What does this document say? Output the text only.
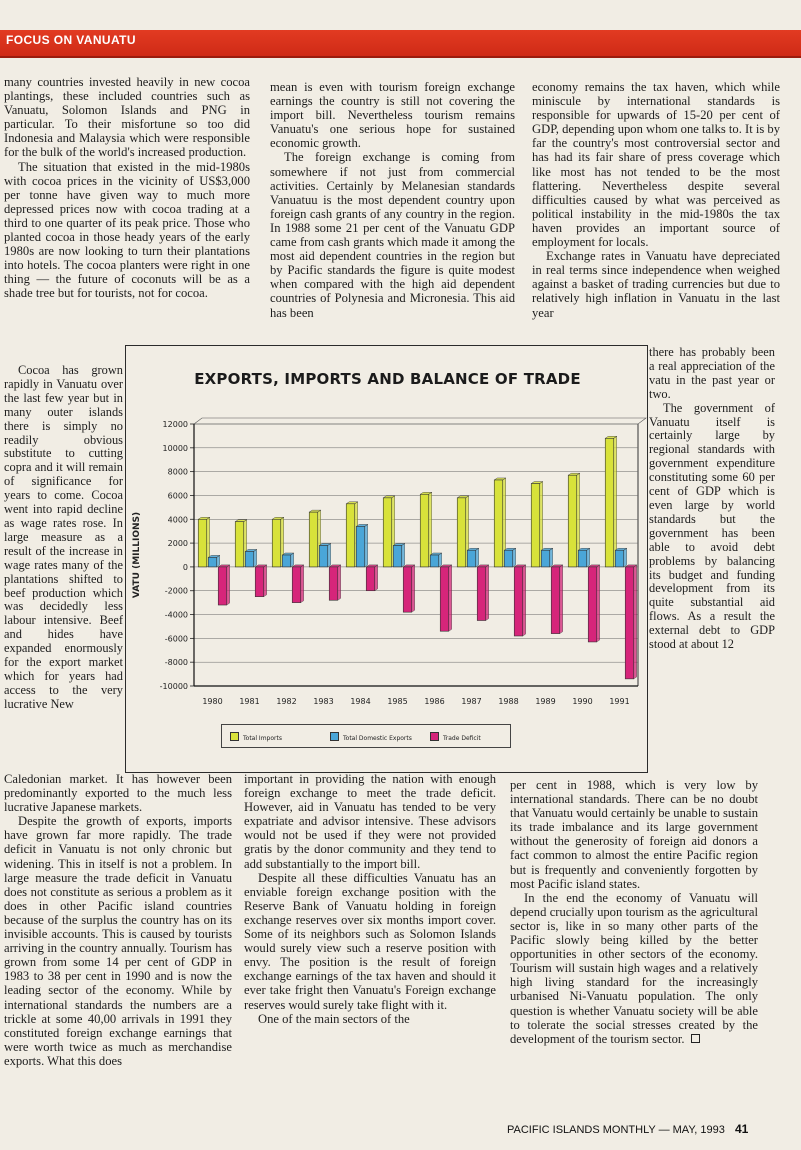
FOCUS ON VANUATU

many countries invested heavily in new cocoa plantings, these included countries such as Vanuatu, Solomon Islands and PNG in particular. To their misfortune so too did Indonesia and Malaysia which were responsible for the bulk of the world's increased production.

The situation that existed in the mid-1980s with cocoa prices in the vicinity of US$3,000 per tonne have given way to much more depressed prices now with cocoa trading at a third to one quarter of its peak price. Those who planted cocoa in those heady years of the early 1980s are now looking to turn their plantations into hotels. The cocoa planters were right in one thing — the future of coconuts will be as a shade tree but for tourists, not for cocoa.

mean is even with tourism foreign exchange earnings the country is still not covering the import bill. Nevertheless tourism remains Vanuatu's one serious hope for sustained economic growth.

The foreign exchange is coming from somewhere if not just from commercial activities. Certainly by Melanesian standards Vanuatuu is the most dependent country upon foreign cash grants of any country in the region. In 1988 some 21 per cent of the Vanuatu GDP came from cash grants which made it among the most aid dependent countries in the region but by Pacific standards the figure is quite modest when compared with the high aid dependent countries of Polynesia and Micronesia. This aid has been

economy remains the tax haven, which while miniscule by international standards is responsible for upwards of 15-20 per cent of GDP, depending upon whom one talks to. It is by far the country's most controversial sector and has had its fair share of press coverage which like most has not tended to be the most flattering. Nevertheless despite several difficulties caused by what was perceived as political instability in the mid-1980s the tax haven provides an important source of employment for locals.

Exchange rates in Vanuatu have depreciated in real terms since independence when weighed against a basket of trading currencies but due to relatively high inflation in Vanuatu in the last year

Cocoa has grown rapidly in Vanuatu over the last few year but in many outer islands there is simply no readily obvious substitute to cutting copra and it will remain of significance for years to come. Cocoa went into rapid decline as wage rates rose. In large measure as a result of the increase in wage rates many of the plantations shifted to beef production which was decidedly less labour intensive. Beef and hides have expanded enormously for the export market which for years had access to the very lucrative New

there has probably been a real appreciation of the vatu in the past year or two.

The government of Vanuatu itself is certainly large by regional standards with government expenditure constituting some 60 per cent of GDP which is even large by world standards but the government has been able to avoid debt problems by balancing its budget and funding development from its quite substantial aid flows. As a result the external debt to GDP stood at about 12

EXPORTS, IMPORTS AND BALANCE OF TRADE
12000
10000
8000
6000
4000
2000
0
-2000
-4000
-6000
-8000
-10000
VATU (MILLIONS)
1980 1981 1982 1983 1984 1985 1986 1987 1988 1989 1990 1991
Total Imports	Total Domestic Exports	Trade Deficit

Caledonian market. It has however been predominantly exported to the much less lucrative Japanese markets.

Despite the growth of exports, imports have grown far more rapidly. The trade deficit in Vanuatu is not only chronic but widening. This in itself is not a problem. In large measure the trade deficit in Vanuatu does not constitute as serious a problem as it does in other Pacific island countries because of the surplus the country has on its invisible accounts. This is caused by tourists arriving in the country annually. Tourism has grown from some 14 per cent of GDP in 1983 to 38 per cent in 1990 and is now the leading sector of the economy. While by international standards the numbers are a trickle at some 40,00 arrivals in 1991 they constituted foreign exchange earnings that were worth twice as much as merchandise exports. What this does

important in providing the nation with enough foreign exchange to meet the trade deficit. However, aid in Vanuatu has tended to be very expatriate and advisor intensive. These advisors would not be used if they were not provided gratis by the donor community and they tend to add substantially to the import bill.

Despite all these difficulties Vanuatu has an enviable foreign exchange position with the Reserve Bank of Vanuatu holding in foreign exchange reserves over six months import cover. Some of its neighbors such as Solomon Islands would surely view such a reserve position with envy. The position is the result of foreign exchange earnings of the tax haven and should it ever take fright then Vanuatu's Foreign exchange reserves would surely take flight with it.

One of the main sectors of the

per cent in 1988, which is very low by international standards. There can be no doubt that Vanuatu would certainly be unable to sustain its trade imbalance and its large government without the generosity of foreign aid donors a fact common to almost the entire Pacific region but is frequently and conveniently forgotten by most Pacific island states.

In the end the economy of Vanuatu will depend crucially upon tourism as the agricultural sector is, like in so many other parts of the Pacific slowly being killed by the better opportunities in other sectors of the economy. Tourism will sustain high wages and a relatively high living standard for the increasingly urbanised Ni-Vanuatu population. The only question is whether Vanuatu society will be able to tolerate the social stresses created by the development of the tourism sector.

PACIFIC ISLANDS MONTHLY — MAY, 1993 41
